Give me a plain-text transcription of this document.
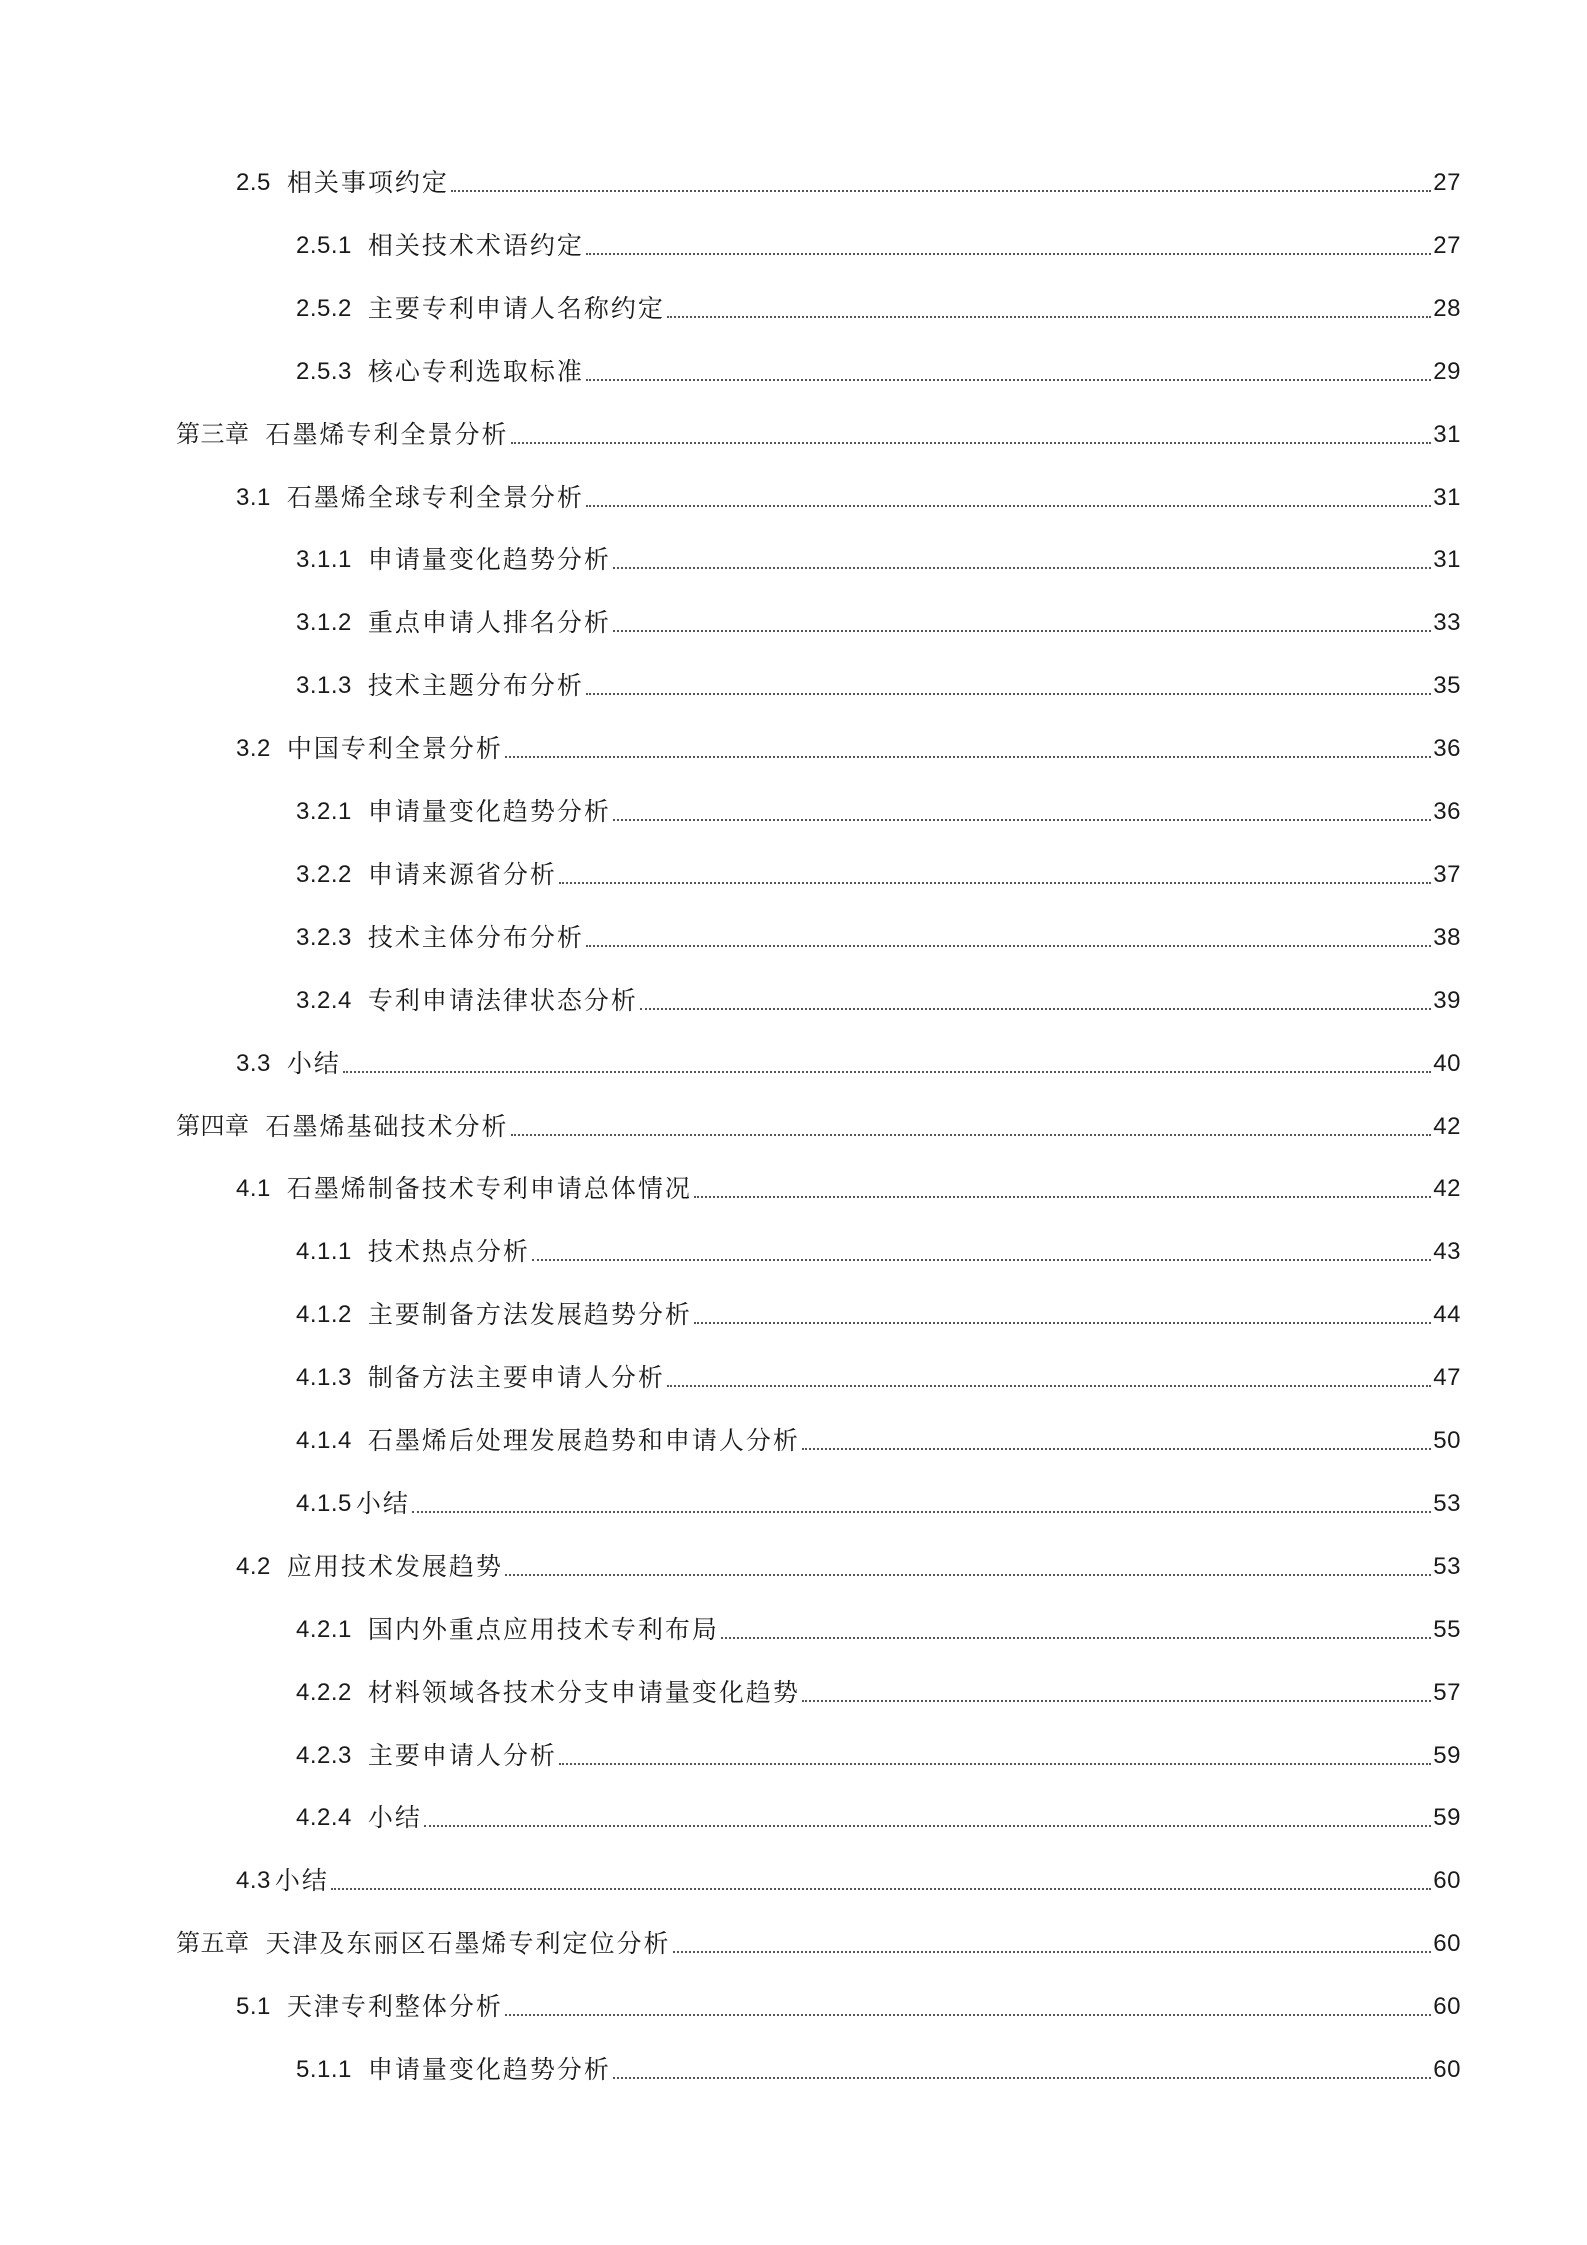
2.5 相关事项约定	27
2.5.1 相关技术术语约定	27
2.5.2 主要专利申请人名称约定	28
2.5.3 核心专利选取标准	29
第三章 石墨烯专利全景分析	31
3.1 石墨烯全球专利全景分析	31
3.1.1 申请量变化趋势分析	31
3.1.2 重点申请人排名分析	33
3.1.3 技术主题分布分析	35
3.2 中国专利全景分析	36
3.2.1 申请量变化趋势分析	36
3.2.2 申请来源省分析	37
3.2.3 技术主体分布分析	38
3.2.4 专利申请法律状态分析	39
3.3 小结	40
第四章 石墨烯基础技术分析	42
4.1 石墨烯制备技术专利申请总体情况	42
4.1.1 技术热点分析	43
4.1.2 主要制备方法发展趋势分析	44
4.1.3 制备方法主要申请人分析	47
4.1.4 石墨烯后处理发展趋势和申请人分析	50
4.1.5 小结	53
4.2 应用技术发展趋势	53
4.2.1 国内外重点应用技术专利布局	55
4.2.2 材料领域各技术分支申请量变化趋势	57
4.2.3 主要申请人分析	59
4.2.4 小结	59
4.3 小结	60
第五章 天津及东丽区石墨烯专利定位分析	60
5.1 天津专利整体分析	60
5.1.1 申请量变化趋势分析	60
